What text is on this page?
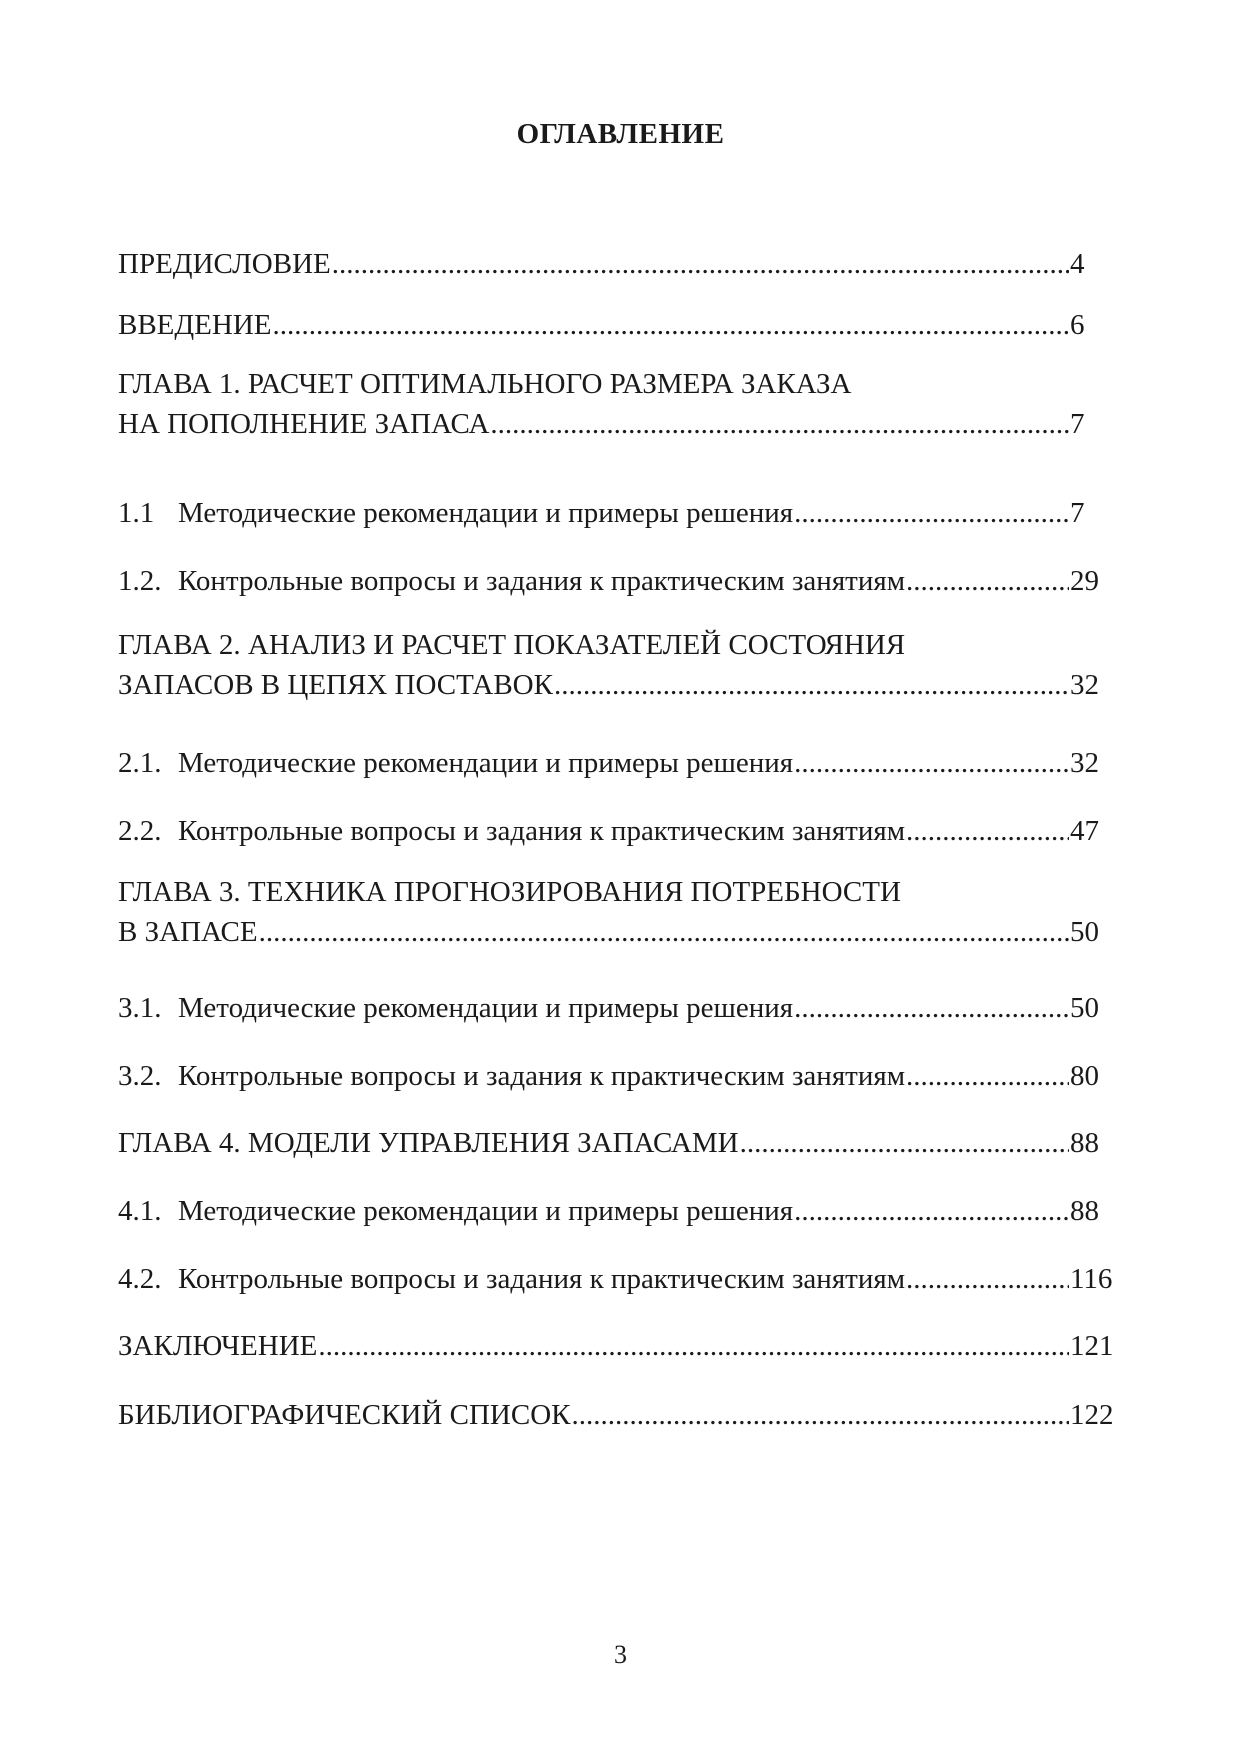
ОГЛАВЛЕНИЕ
ПРЕДИСЛОВИЕ .....	4
ВВЕДЕНИЕ .....	6
ГЛАВА 1. РАСЧЕТ ОПТИМАЛЬНОГО РАЗМЕРА ЗАКАЗА
НА ПОПОЛНЕНИЕ ЗАПАСА .....	7
1.1 Методические рекомендации и примеры решения .....	7
1.2. Контрольные вопросы и задания к практическим занятиям .....	29
ГЛАВА 2. АНАЛИЗ И РАСЧЕТ ПОКАЗАТЕЛЕЙ СОСТОЯНИЯ
ЗАПАСОВ В ЦЕПЯХ ПОСТАВОК .....	32
2.1. Методические рекомендации и примеры решения .....	32
2.2. Контрольные вопросы и задания к практическим занятиям .....	47
ГЛАВА 3. ТЕХНИКА ПРОГНОЗИРОВАНИЯ ПОТРЕБНОСТИ
В ЗАПАСЕ .....	50
3.1. Методические рекомендации и примеры решения .....	50
3.2. Контрольные вопросы и задания к практическим занятиям .....	80
ГЛАВА 4. МОДЕЛИ УПРАВЛЕНИЯ ЗАПАСАМИ .....	88
4.1. Методические рекомендации и примеры решения .....	88
4.2. Контрольные вопросы и задания к практическим занятиям .....	116
ЗАКЛЮЧЕНИЕ .....	121
БИБЛИОГРАФИЧЕСКИЙ СПИСОК .....	122
3
